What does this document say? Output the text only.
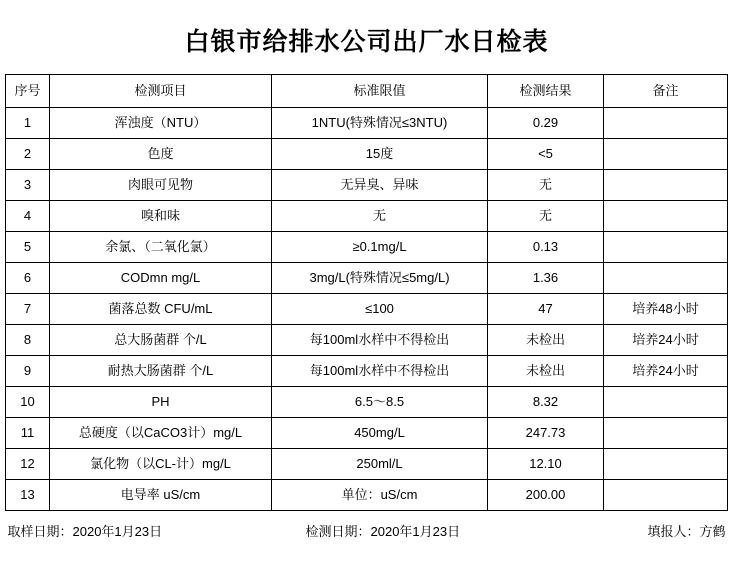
白银市给排水公司出厂水日检表
序号	检测项目	标准限值	检测结果	备注
1	浑浊度（NTU）	1NTU(特殊情况≤3NTU)	0.29	
2	色度	15度	<5	
3	肉眼可见物	无异臭、异味	无	
4	嗅和味	无	无	
5	余氯、（二氧化氯）	≥0.1mg/L	0.13	
6	CODmn mg/L	3mg/L(特殊情况≤5mg/L)	1.36	
7	菌落总数 CFU/mL	≤100	47	培养48小时
8	总大肠菌群 个/L	每100ml水样中不得检出	未检出	培养24小时
9	耐热大肠菌群 个/L	每100ml水样中不得检出	未检出	培养24小时
10	PH	6.5～8.5	8.32	
11	总硬度（以CaCO3计）mg/L	450mg/L	247.73	
12	氯化物（以CL-计）mg/L	250ml/L	12.10	
13	电导率 uS/cm	单位：uS/cm	200.00	
取样日期：2020年1月23日	检测日期：2020年1月23日	填报人：方鹤
